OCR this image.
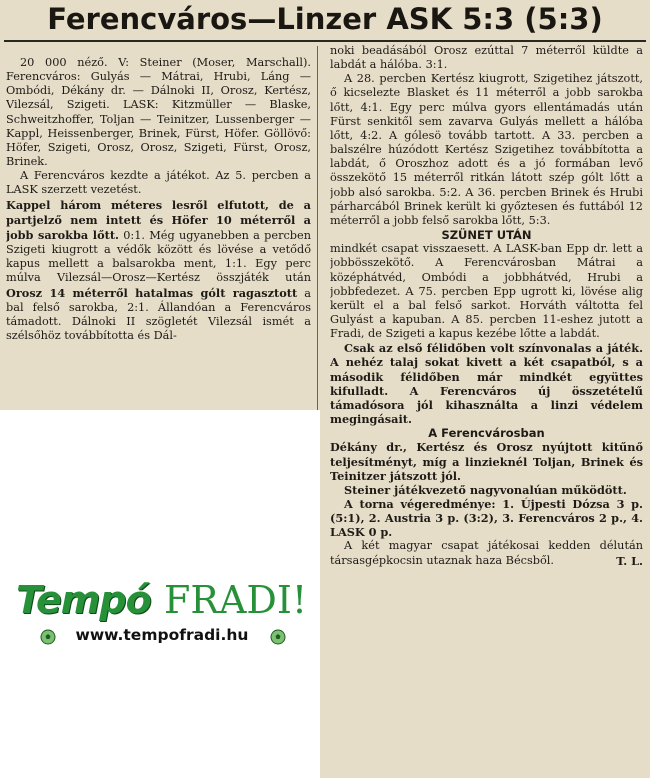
Ferencváros—Linzer ASK 5:3 (5:3)

20 000 néző. V: Steiner (Moser, Marschall). Ferencváros: Gulyás — Mátrai, Hrubi, Láng — Ombódi, Dékány dr. — Dálnoki II, Orosz, Kertész, Vilezsál, Szigeti. LASK: Kitzmüller — Blaske, Schweitzhoffer, Toljan — Teinitzer, Lussenberger — Kappl, Heissenberger, Brinek, Fürst, Höfer. Göllövő: Höfer, Szigeti, Orosz, Orosz, Szigeti, Fürst, Orosz, Brinek.

A Ferencváros kezdte a játékot. Az 5. percben a LASK szerzett vezetést.

Kappel három méteres lesről elfutott, de a partjelző nem intett és Höfer 10 méterről a jobb sarokba lőtt. 0:1. Még ugyanebben a percben Szigeti kiugrott a védők között és lövése a vetődő kapus mellett a balsarokba ment, 1:1. Egy perc múlva Vilezsál—Orosz—Kertész összjáték után Orosz 14 méterről hatalmas gólt ragasztott a bal felső sarokba, 2:1. Állandóan a Ferencváros támadott. Dálnoki II szögletét Vilezsál ismét a szélsőhöz továbbította és Dál-

noki beadásából Orosz ezúttal 7 méterről küldte a labdát a hálóba. 3:1.

A 28. percben Kertész kiugrott, Szigetihez játszott, ő kicselezte Blasket és 11 méterről a jobb sarokba lőtt, 4:1. Egy perc múlva gyors ellentámadás után Fürst senkitől sem zavarva Gulyás mellett a hálóba lőtt, 4:2. A gólesö tovább tartott. A 33. percben a balszélre húzódott Kertész Szigetihez továbbította a labdát, ő Oroszhoz adott és a jó formában levő összekötő 15 méterről ritkán látott szép gólt lőtt a jobb alsó sarokba. 5:2. A 36. percben Brinek és Hrubi párharcából Brinek került ki győztesen és futtából 12 méterről a jobb felső sarokba lőtt, 5:3.

SZÜNET UTÁN

mindkét csapat visszaesett. A LASK-ban Epp dr. lett a jobbösszekötő. A Ferencvárosban Mátrai a középhátvéd, Ombódi a jobbhátvéd, Hrubi a jobbfedezet. A 75. percben Epp ugrott ki, lövése alig került el a bal felső sarkot. Horváth váltotta fel Gulyást a kapuban. A 85. percben 11-eshez jutott a Fradi, de Szigeti a kapus kezébe lőtte a labdát.

Csak az első félidőben volt színvonalas a játék. A nehéz talaj sokat kivett a két csapatból, s a második félidőben már mindkét együttes kifulladt. A Ferencváros új összetételű támadósora jól kihasználta a linzi védelem megingásait.

A Ferencvárosban

Dékány dr., Kertész és Orosz nyújtott kitűnő teljesítményt, míg a linzieknél Toljan, Brinek és Teinitzer játszott jól.

Steiner játékvezető nagyvonalúan működött.

A torna végeredménye: 1. Újpesti Dózsa 3 p. (5:1), 2. Austria 3 p. (3:2), 3. Ferencváros 2 p., 4. LASK 0 p.

A két magyar csapat játékosai kedden délután társasgépkocsin utaznak haza Bécsből.	T. L.

Tempó FRADI!
www.tempofradi.hu
